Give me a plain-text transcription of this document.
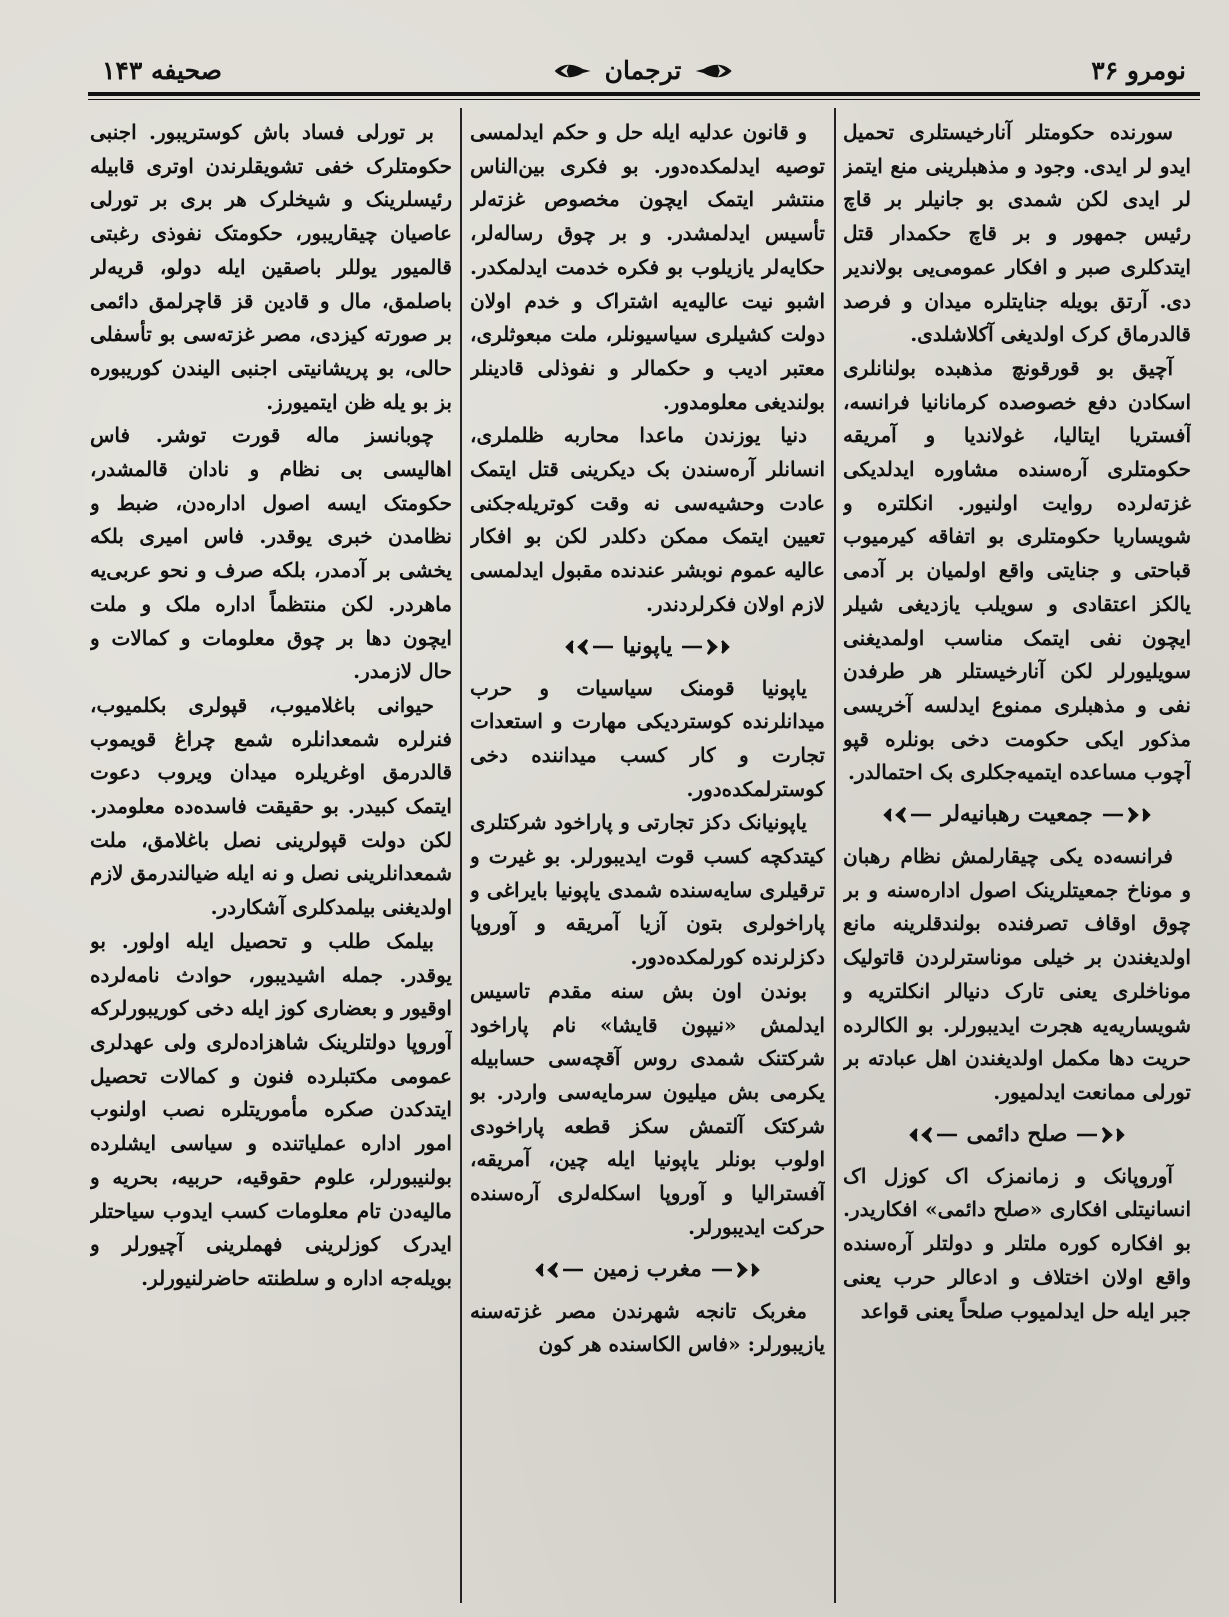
صحيفه ۱۴۳	ترجمان	نومرو ۳۶

سورنده حکومتلر آنارخیستلری تحمیل ایدو لر ایدی. وجود و مذهبلرینی منع ایتمز لر ایدی لکن شمدی بو جانیلر بر قاچ رئیس جمهور و بر قاچ حکمدار قتل ایتدکلری صبر و افکار عمومی‌یی بولاندیر دی. آرتق بویله جنایتلره میدان و فرصد قالدرماق کرک اولدیغی آکلاشلدی.

آچیق بو قورقونچ مذهبده بولنانلری اسکادن دفع خصوصده کرمانانیا فرانسه، آفستریا ایتالیا، غولاندیا و آمریقه حکومتلری آره‌سنده مشاوره ایدلدیکی غزته‌لرده روایت اولنیور. انکلتره و شویساریا حکومتلری بو اتفاقه کیرمیوب قباحتی و جنایتی واقع اولمیان بر آدمی یالکز اعتقادی و سویلب یازدیغی شیلر ایچون نفی ایتمک مناسب اولمدیغنی سویلیورلر لکن آنارخیستلر هر طرفدن نفی و مذهبلری ممنوع ایدلسه آخریسی مذکور ایکی حکومت دخی بونلره قپو آچوب مساعده ایتمیه‌جکلری بک احتمالدر.

جمعیت رهبانیه‌لر

فرانسه‌ده یکی چیقارلمش نظام رهبان و موناخ جمعیتلرینک اصول اداره‌سنه و بر چوق اوقاف تصرفنده بولندقلرینه مانع اولدیغندن بر خیلی موناسترلردن قاتولیک موناخلری یعنی تارک دنیالر انکلتریه و شویساریه‌یه هجرت ایدیبورلر. بو الکالرده حریت دها مکمل اولدیغندن اهل عبادته بر تورلی ممانعت ایدلمیور.

صلح دائمی

آوروپانک و زمانمزک اک کوزل اک انسانیتلی افکاری «صلح دائمی» افکاریدر. بو افکاره کوره ملتلر و دولتلر آره‌سنده واقع اولان اختلاف و ادعالر حرب یعنی جبر ایله حل ایدلمیوب صلحاً یعنی قواعد

و قانون عدلیه ایله حل و حکم ایدلمسی توصیه ایدلمکده‌دور. بو فکری بین‌الناس منتشر ایتمک ایچون مخصوص غزته‌لر تأسیس ایدلمشدر. و بر چوق رساله‌لر، حکایه‌لر یازیلوب بو فکره خدمت ایدلمکدر. اشبو نیت عالیه‌یه اشتراک و خدم اولان دولت کشیلری سیاسیونلر، ملت مبعوثلری، معتبر ادیب و حکمالر و نفوذلی قادینلر بولندیغی معلومدور.

دنیا یوزندن ماعدا محاربه ظلملری، انسانلر آره‌سندن بک دیکرینی قتل ایتمک عادت وحشیه‌سی نه وقت کوتریله‌جکنی تعیین ایتمک ممکن دکلدر لکن بو افکار عالیه عموم نوبشر عندنده مقبول ایدلمسی لازم اولان فکرلردندر.

یاپونیا

یاپونیا قومنک سیاسیات و حرب میدانلرنده کوستردیکی مهارت و استعدات تجارت و کار کسب میداننده دخی کوسترلمکده‌دور.

یاپونیانک دکز تجارتی و پاراخود شرکتلری کیتدکچه کسب قوت ایدیبورلر. بو غیرت و ترقیلری سایه‌سنده شمدی یاپونیا بایراغی و پاراخولری بتون آزیا آمریقه و آوروپا دکزلرنده کورلمکده‌دور.

بوندن اون بش سنه مقدم تاسیس ایدلمش «نیپون قایشا» نام پاراخود شرکتنک شمدی روس آقچه‌سی حسابیله یکرمی بش میلیون سرمایه‌سی واردر. بو شرکتک آلتمش سکز قطعه پاراخودی اولوب بونلر یاپونیا ایله چین، آمریقه، آفستراليا و آوروپا اسکله‌لری آره‌سنده حرکت ایدیبورلر.

مغرب زمین

مغربک تانجه شهرندن مصر غزته‌سنه یازیبورلر: «فاس الکاسنده هر کون

بر تورلی فساد باش کوستریبور. اجنبی حکومتلرک خفی تشویقلرندن اوتری قابیله رئیسلرینک و شیخلرک هر بری بر تورلی عاصیان چیقاریبور، حکومتک نفوذی رغبتی قالمیور یوللر باصقین ایله دولو، قریه‌لر باصلمق، مال و قادین قز قاچرلمق دائمی بر صورته کیزدی، مصر غزته‌سی بو تأسفلی حالی، بو پریشانیتی اجنبی الیندن کوریبوره بز بو یله ظن ایتمیورز.

چوبانسز ماله قورت توشر. فاس اهالیسی بی نظام و نادان قالمشدر، حکومتک ایسه اصول اداره‌دن، ضبط و نظامدن خبری یوقدر. فاس امیری بلکه یخشی بر آدمدر، بلکه صرف و نحو عربی‌یه ماهردر. لکن منتظماً اداره ملک و ملت ایچون دها بر چوق معلومات و کمالات و حال لازمدر.

حیوانی باغلامیوب، قپولری بکلمیوب، فنرلره شمعدانلره شمع چراغ قویموب قالدرمق اوغریلره میدان ویروب دعوت ایتمک کبیدر. بو حقیقت فاسده‌ده معلومدر. لکن دولت قپولرینی نصل باغلامق، ملت شمعدانلرینی نصل و نه ایله ضیالندرمق لازم اولدیغنی بیلمدکلری آشکاردر.

بیلمک طلب و تحصیل ایله اولور. بو یوقدر. جمله اشیدیبور، حوادث نامه‌لرده اوقیور و بعضاری کوز ایله دخی کوریبورلرکه آوروپا دولتلرینک شاهزاده‌لری ولی عهدلری عمومی مکتبلرده فنون و کمالات تحصیل ایتدکدن صکره مأموریتلره نصب اولنوب امور اداره عملیاتنده و سیاسی ایشلرده بولنیبورلر، علوم حقوقیه، حربیه، بحریه و مالیه‌دن تام معلومات کسب ایدوب سیاحتلر ایدرک کوزلرینی فهملرینی آچیورلر و بویله‌جه اداره و سلطنته حاضرلنیورلر.
